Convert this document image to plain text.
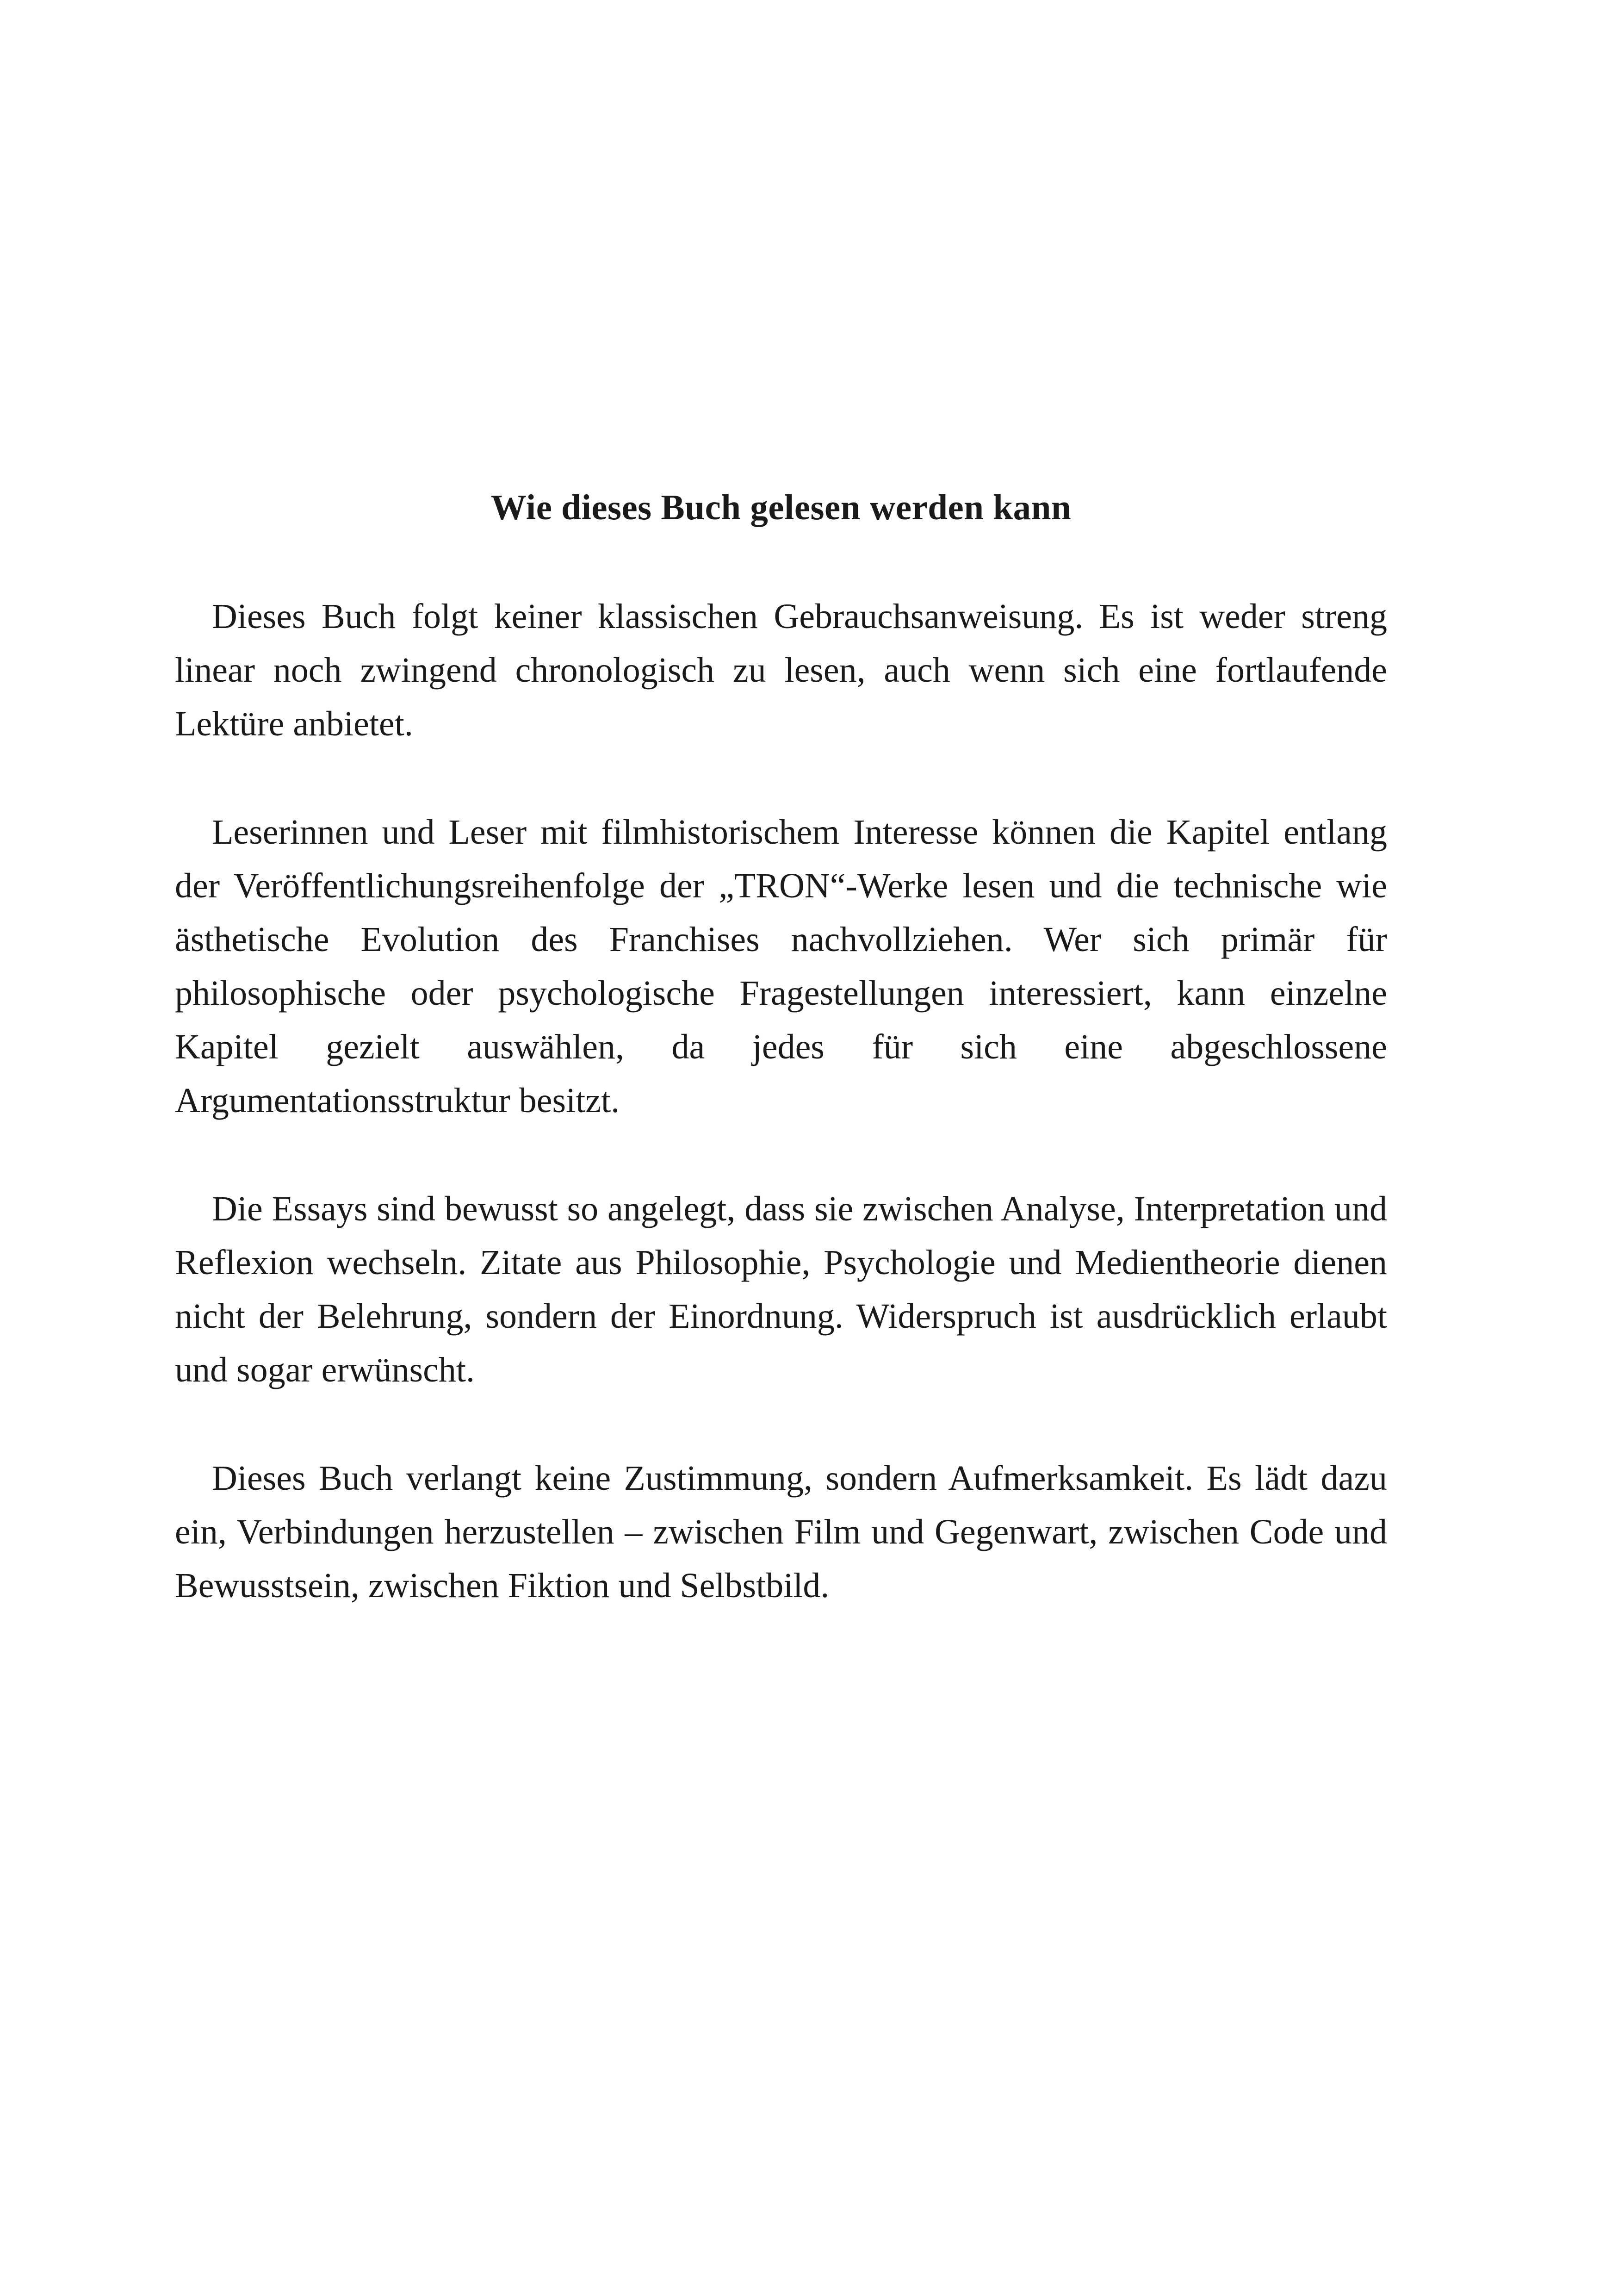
Wie dieses Buch gelesen werden kann

Dieses Buch folgt keiner klassischen Gebrauchsanweisung. Es ist weder streng linear noch zwingend chronologisch zu lesen, auch wenn sich eine fortlaufende Lektüre anbietet.

Leserinnen und Leser mit filmhistorischem Interesse können die Kapitel entlang der Veröffentlichungsreihenfolge der „TRON“-Werke lesen und die technische wie ästhetische Evolution des Franchises nachvollziehen. Wer sich primär für philosophische oder psychologische Fragestellungen interessiert, kann einzelne Kapitel gezielt auswählen, da jedes für sich eine abgeschlossene Argumentationsstruktur besitzt.

Die Essays sind bewusst so angelegt, dass sie zwischen Analyse, Interpretation und Reflexion wechseln. Zitate aus Philosophie, Psychologie und Medientheorie dienen nicht der Belehrung, sondern der Einordnung. Widerspruch ist ausdrücklich erlaubt und sogar erwünscht.

Dieses Buch verlangt keine Zustimmung, sondern Aufmerksamkeit. Es lädt dazu ein, Verbindungen herzustellen – zwischen Film und Gegenwart, zwischen Code und Bewusstsein, zwischen Fiktion und Selbstbild.
